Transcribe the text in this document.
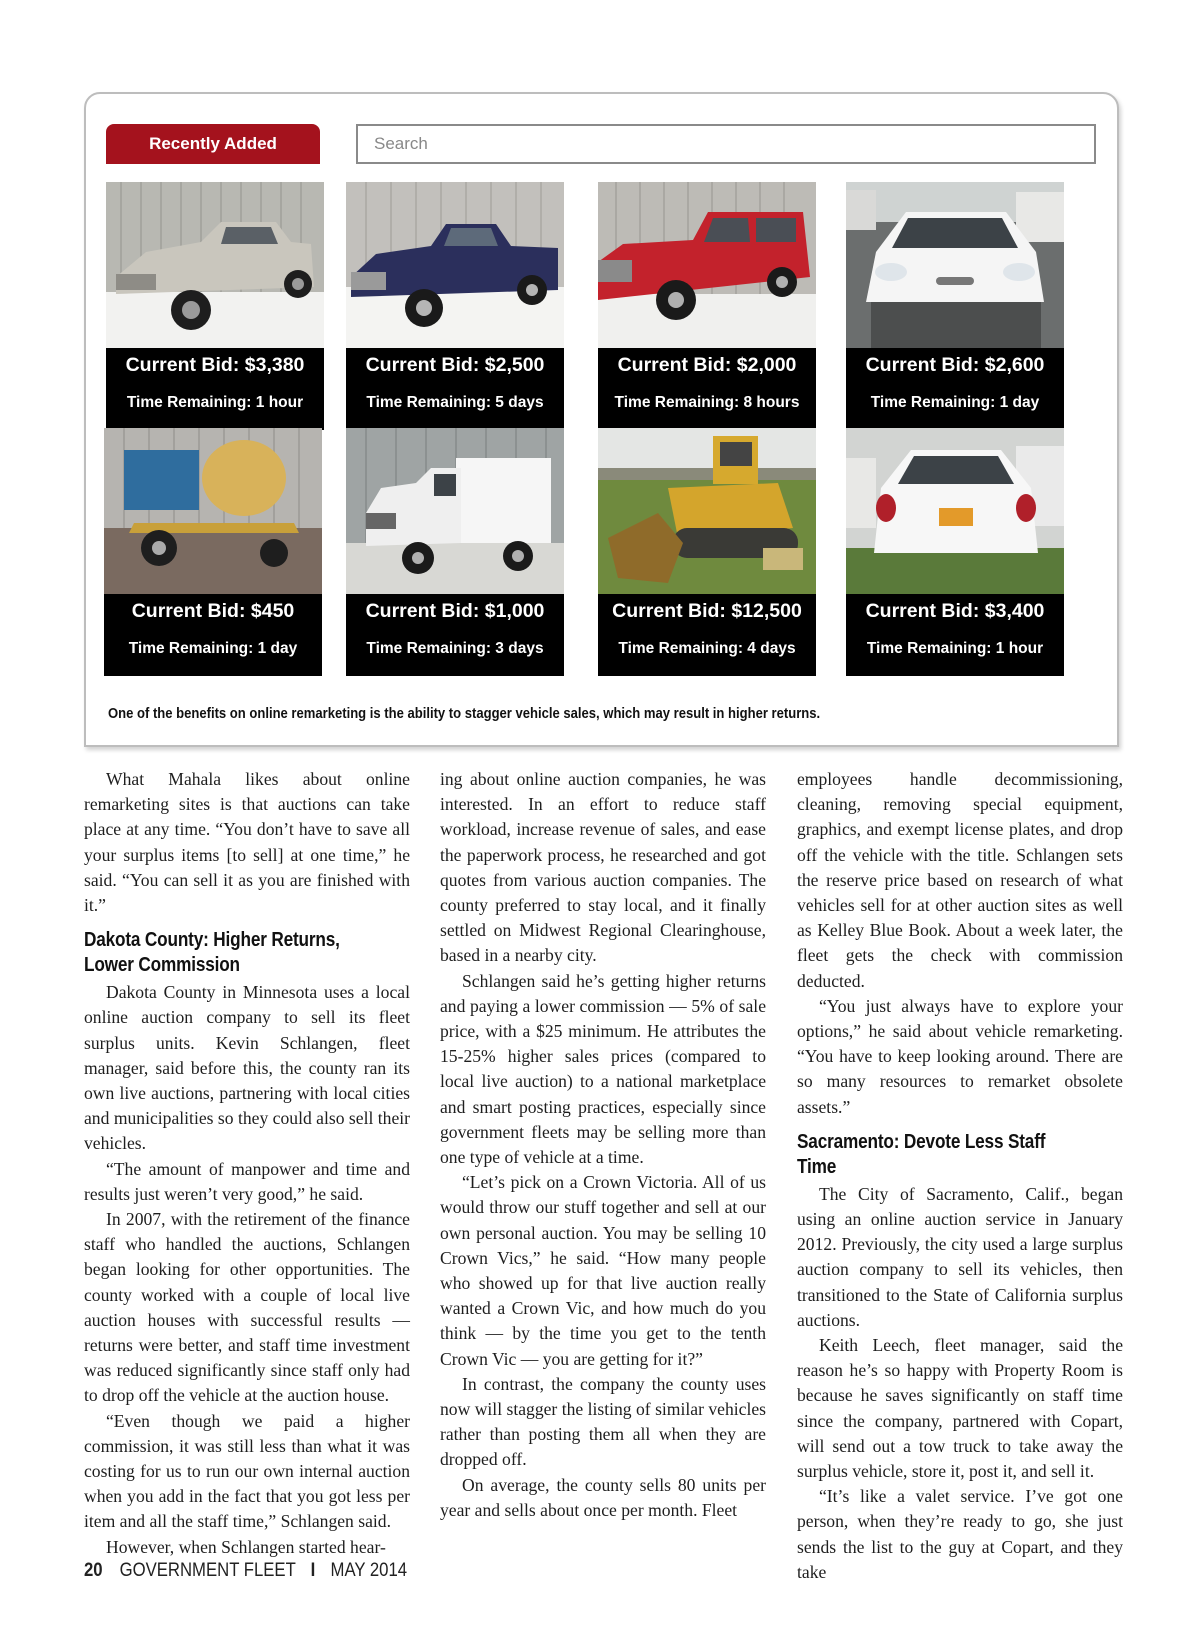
Recently Added
Search
Current Bid: $3,380
Time Remaining: 1 hour
Current Bid: $2,500
Time Remaining: 5 days
Current Bid: $2,000
Time Remaining: 8 hours
Current Bid: $2,600
Time Remaining: 1 day
Current Bid: $450
Time Remaining: 1 day
Current Bid: $1,000
Time Remaining: 3 days
Current Bid: $12,500
Time Remaining: 4 days
Current Bid: $3,400
Time Remaining: 1 hour
One of the benefits on online remarketing is the ability to stagger vehicle sales, which may result in higher returns.

What Mahala likes about online remarketing sites is that auctions can take place at any time. “You don’t have to save all your surplus items [to sell] at one time,” he said. “You can sell it as you are finished with it.”

Dakota County: Higher Returns, Lower Commission

Dakota County in Minnesota uses a local online auction company to sell its fleet surplus units. Kevin Schlangen, fleet manager, said before this, the county ran its own live auctions, partnering with local cities and municipalities so they could also sell their vehicles.

“The amount of manpower and time and results just weren’t very good,” he said.

In 2007, with the retirement of the finance staff who handled the auctions, Schlangen began looking for other opportunities. The county worked with a couple of local live auction houses with successful results — returns were better, and staff time investment was reduced significantly since staff only had to drop off the vehicle at the auction house.

“Even though we paid a higher commission, it was still less than what it was costing for us to run our own internal auction when you add in the fact that you got less per item and all the staff time,” Schlangen said.

However, when Schlangen started hear-

ing about online auction companies, he was interested. In an effort to reduce staff workload, increase revenue of sales, and ease the paperwork process, he researched and got quotes from various auction companies. The county preferred to stay local, and it finally settled on Midwest Regional Clearinghouse, based in a nearby city.

Schlangen said he’s getting higher returns and paying a lower commission — 5% of sale price, with a $25 minimum. He attributes the 15-25% higher sales prices (compared to local live auction) to a national marketplace and smart posting practices, especially since government fleets may be selling more than one type of vehicle at a time.

“Let’s pick on a Crown Victoria. All of us would throw our stuff together and sell at our own personal auction. You may be selling 10 Crown Vics,” he said. “How many people who showed up for that live auction really wanted a Crown Vic, and how much do you think — by the time you get to the tenth Crown Vic — you are getting for it?”

In contrast, the company the county uses now will stagger the listing of similar vehicles rather than posting them all when they are dropped off.

On average, the county sells 80 units per year and sells about once per month. Fleet

employees handle decommissioning, cleaning, removing special equipment, graphics, and exempt license plates, and drop off the vehicle with the title. Schlangen sets the reserve price based on research of what vehicles sell for at other auction sites as well as Kelley Blue Book. About a week later, the fleet gets the check with commission deducted.

“You just always have to explore your options,” he said about vehicle remarketing. “You have to keep looking around. There are so many resources to remarket obsolete assets.”

Sacramento: Devote Less Staff Time

The City of Sacramento, Calif., began using an online auction service in January 2012. Previously, the city used a large surplus auction company to sell its vehicles, then transitioned to the State of California surplus auctions.

Keith Leech, fleet manager, said the reason he’s so happy with Property Room is because he saves significantly on staff time since the company, partnered with Copart, will send out a tow truck to take away the surplus vehicle, store it, post it, and sell it.

“It’s like a valet service. I’ve got one person, when they’re ready to go, she just sends the list to the guy at Copart, and they take

20 GOVERNMENT FLEET I MAY 2014
